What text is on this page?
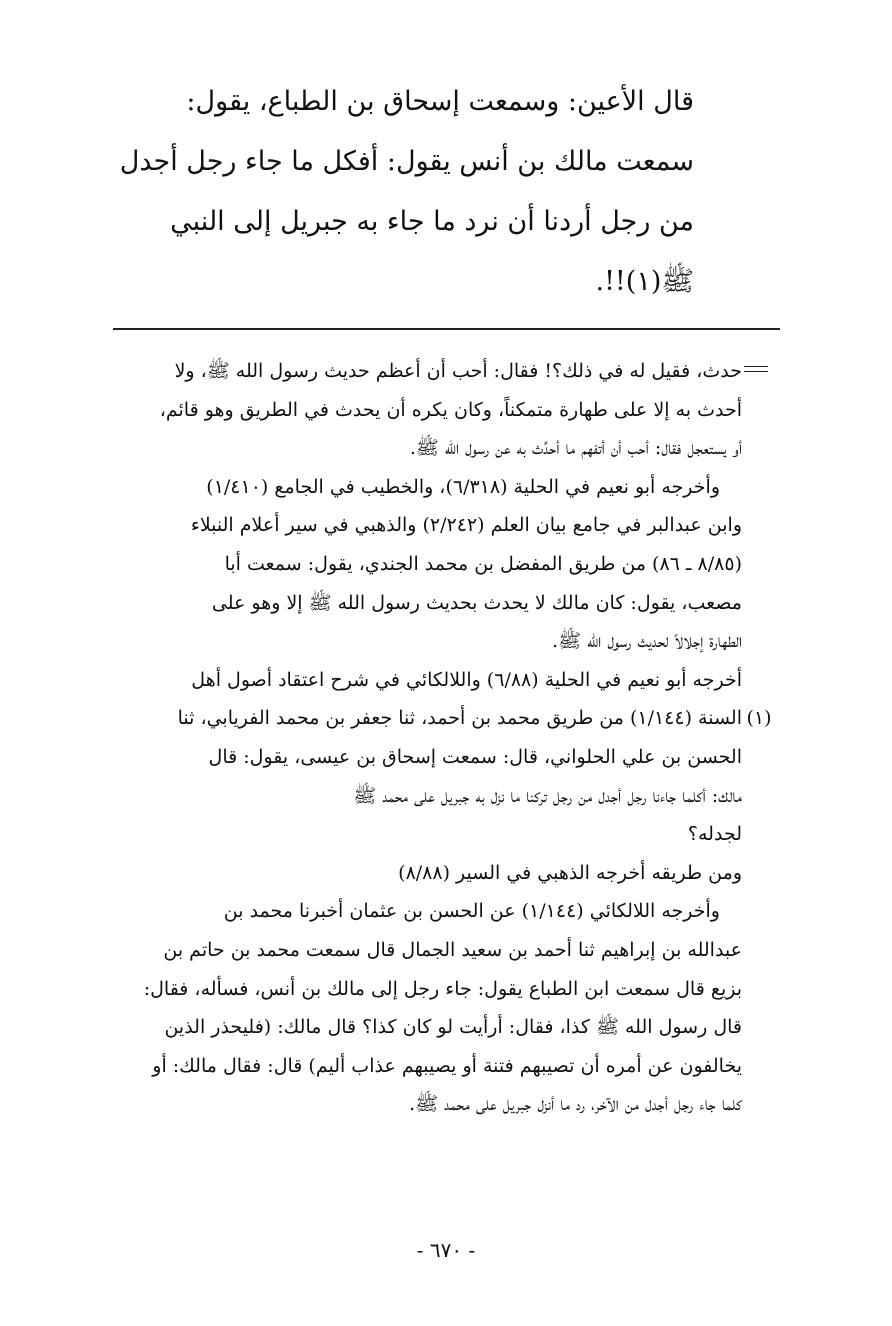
قال الأعين: وسمعت إسحاق بن الطباع، يقول:

سمعت مالك بن أنس يقول: أفكل ما جاء رجل أجدل

من رجل أردنا أن نرد ما جاء به جبريل إلى النبي

ﷺ(١)!!.

حدث، فقيل له في ذلك؟! فقال: أحب أن أعظم حديث رسول الله ﷺ، ولا

أحدث به إلا على طهارة متمكناً، وكان يكره أن يحدث في الطريق وهو قائم،

أو يستعجل فقال: أحب أن أتفهم ما أحدِّث به عن رسول الله ﷺ.

وأخرجه أبو نعيم في الحلية (٦/٣١٨)، والخطيب في الجامع (١/٤١٠)

وابن عبدالبر في جامع بيان العلم (٢/٢٤٢) والذهبي في سير أعلام النبلاء

(٨/٨٥ ـ ٨٦) من طريق المفضل بن محمد الجندي، يقول: سمعت أبا

مصعب، يقول: كان مالك لا يحدث بحديث رسول الله ﷺ إلا وهو على

الطهارة إجلالاً لحديث رسول الله ﷺ.

أخرجه أبو نعيم في الحلية (٦/٨٨) واللالكائي في شرح اعتقاد أصول أهل

السنة (١/١٤٤) من طريق محمد بن أحمد، ثنا جعفر بن محمد الفريابي، ثنا

الحسن بن علي الحلواني، قال: سمعت إسحاق بن عيسى، يقول: قال

مالك: أكلما جاءنا رجل أجدل من رجل تركنا ما نزل به جبريل على محمد ﷺ

لجدله؟

ومن طريقه أخرجه الذهبي في السير (٨/٨٨)

وأخرجه اللالكائي (١/١٤٤) عن الحسن بن عثمان أخبرنا محمد بن

عبدالله بن إبراهيم ثنا أحمد بن سعيد الجمال قال سمعت محمد بن حاتم بن

بزيع قال سمعت ابن الطباع يقول: جاء رجل إلى مالك بن أنس، فسأله، فقال:

قال رسول الله ﷺ كذا، فقال: أرأيت لو كان كذا؟ قال مالك: (فليحذر الذين

يخالفون عن أمره أن تصيبهم فتنة أو يصيبهم عذاب أليم) قال: فقال مالك: أو

كلما جاء رجل أجدل من الآخر، رد ما أنزل جبريل على محمد ﷺ.

(١)
- ٦٧٠ -
